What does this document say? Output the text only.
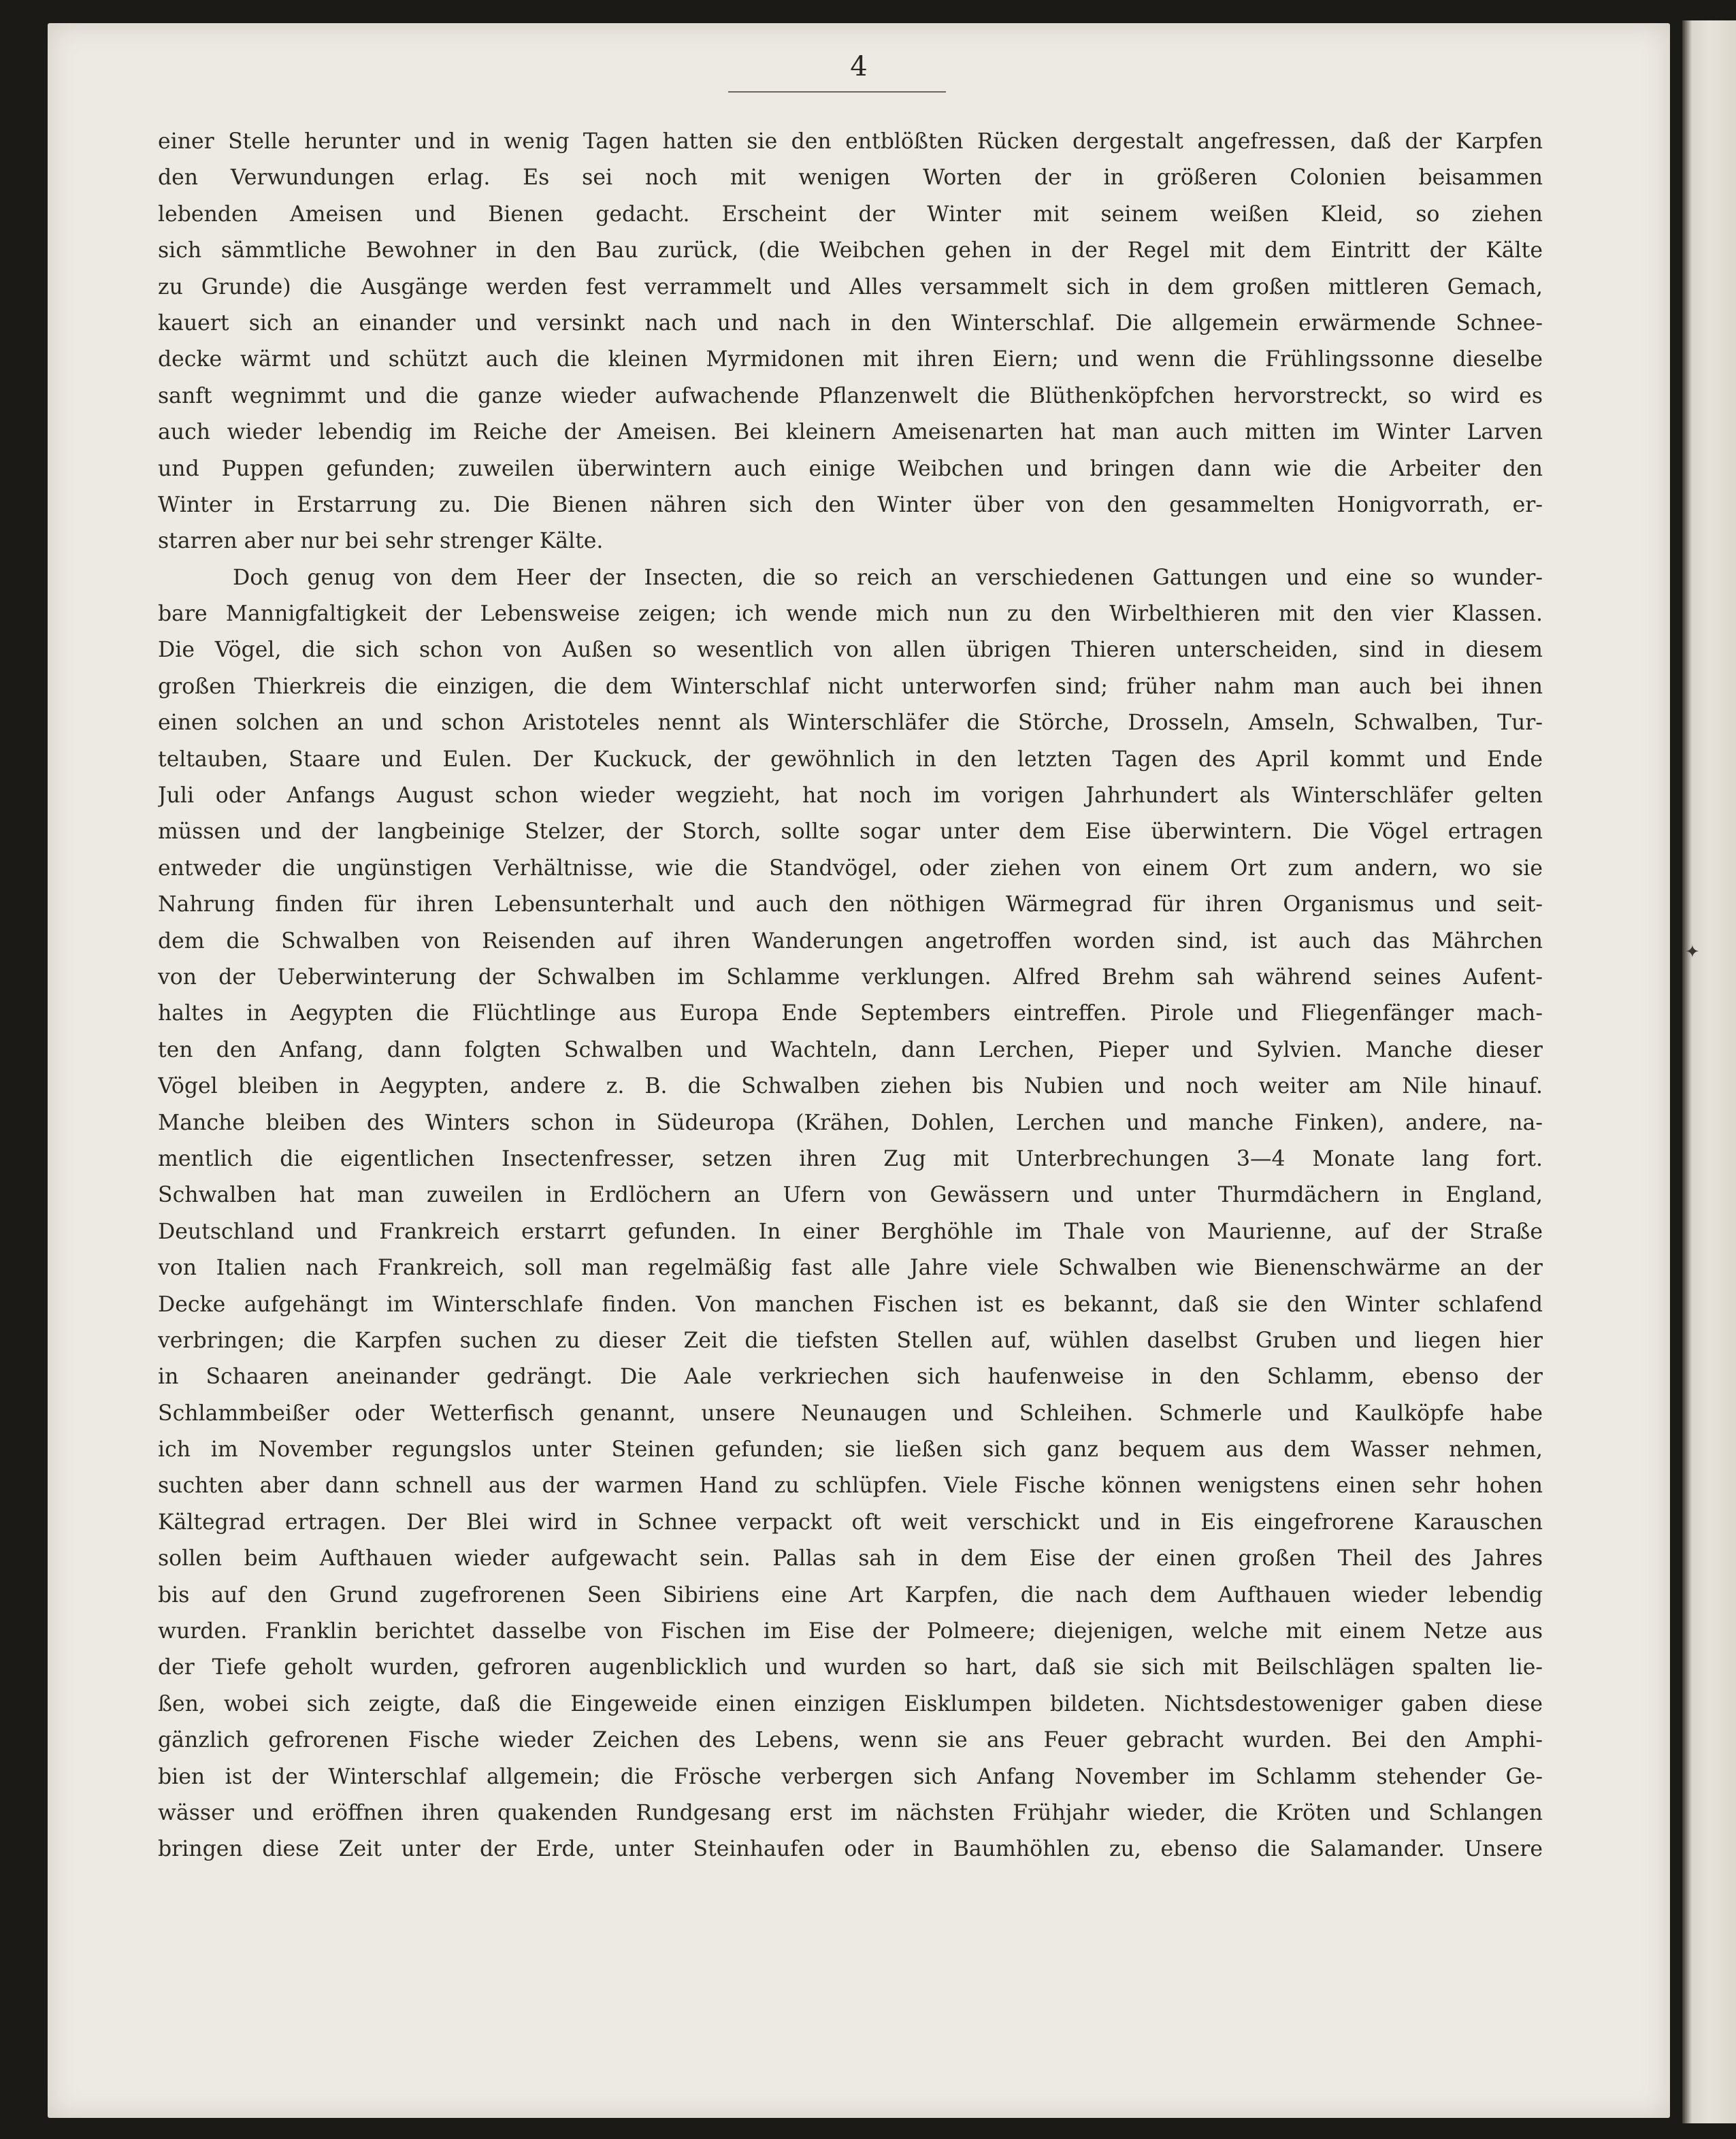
4
einer Stelle herunter und in wenig Tagen hatten sie den entblößten Rücken dergestalt angefressen, daß der Karpfen
den Verwundungen erlag. Es sei noch mit wenigen Worten der in größeren Colonien beisammen
lebenden Ameisen und Bienen gedacht. Erscheint der Winter mit seinem weißen Kleid, so ziehen
sich sämmtliche Bewohner in den Bau zurück, (die Weibchen gehen in der Regel mit dem Eintritt der Kälte
zu Grunde) die Ausgänge werden fest verrammelt und Alles versammelt sich in dem großen mittleren Gemach,
kauert sich an einander und versinkt nach und nach in den Winterschlaf. Die allgemein erwärmende Schnee-
decke wärmt und schützt auch die kleinen Myrmidonen mit ihren Eiern; und wenn die Frühlingssonne dieselbe
sanft wegnimmt und die ganze wieder aufwachende Pflanzenwelt die Blüthenköpfchen hervorstreckt, so wird es
auch wieder lebendig im Reiche der Ameisen. Bei kleinern Ameisenarten hat man auch mitten im Winter Larven
und Puppen gefunden; zuweilen überwintern auch einige Weibchen und bringen dann wie die Arbeiter den
Winter in Erstarrung zu. Die Bienen nähren sich den Winter über von den gesammelten Honigvorrath, er-
starren aber nur bei sehr strenger Kälte.
Doch genug von dem Heer der Insecten, die so reich an verschiedenen Gattungen und eine so wunder-
bare Mannigfaltigkeit der Lebensweise zeigen; ich wende mich nun zu den Wirbelthieren mit den vier Klassen.
Die Vögel, die sich schon von Außen so wesentlich von allen übrigen Thieren unterscheiden, sind in diesem
großen Thierkreis die einzigen, die dem Winterschlaf nicht unterworfen sind; früher nahm man auch bei ihnen
einen solchen an und schon Aristoteles nennt als Winterschläfer die Störche, Drosseln, Amseln, Schwalben, Tur-
teltauben, Staare und Eulen. Der Kuckuck, der gewöhnlich in den letzten Tagen des April kommt und Ende
Juli oder Anfangs August schon wieder wegzieht, hat noch im vorigen Jahrhundert als Winterschläfer gelten
müssen und der langbeinige Stelzer, der Storch, sollte sogar unter dem Eise überwintern. Die Vögel ertragen
entweder die ungünstigen Verhältnisse, wie die Standvögel, oder ziehen von einem Ort zum andern, wo sie
Nahrung finden für ihren Lebensunterhalt und auch den nöthigen Wärmegrad für ihren Organismus und seit-
dem die Schwalben von Reisenden auf ihren Wanderungen angetroffen worden sind, ist auch das Mährchen
von der Ueberwinterung der Schwalben im Schlamme verklungen. Alfred Brehm sah während seines Aufent-
haltes in Aegypten die Flüchtlinge aus Europa Ende Septembers eintreffen. Pirole und Fliegenfänger mach-
ten den Anfang, dann folgten Schwalben und Wachteln, dann Lerchen, Pieper und Sylvien. Manche dieser
Vögel bleiben in Aegypten, andere z. B. die Schwalben ziehen bis Nubien und noch weiter am Nile hinauf.
Manche bleiben des Winters schon in Südeuropa (Krähen, Dohlen, Lerchen und manche Finken), andere, na-
mentlich die eigentlichen Insectenfresser, setzen ihren Zug mit Unterbrechungen 3—4 Monate lang fort.
Schwalben hat man zuweilen in Erdlöchern an Ufern von Gewässern und unter Thurmdächern in England,
Deutschland und Frankreich erstarrt gefunden. In einer Berghöhle im Thale von Maurienne, auf der Straße
von Italien nach Frankreich, soll man regelmäßig fast alle Jahre viele Schwalben wie Bienenschwärme an der
Decke aufgehängt im Winterschlafe finden. Von manchen Fischen ist es bekannt, daß sie den Winter schlafend
verbringen; die Karpfen suchen zu dieser Zeit die tiefsten Stellen auf, wühlen daselbst Gruben und liegen hier
in Schaaren aneinander gedrängt. Die Aale verkriechen sich haufenweise in den Schlamm, ebenso der
Schlammbeißer oder Wetterfisch genannt, unsere Neunaugen und Schleihen. Schmerle und Kaulköpfe habe
ich im November regungslos unter Steinen gefunden; sie ließen sich ganz bequem aus dem Wasser nehmen,
suchten aber dann schnell aus der warmen Hand zu schlüpfen. Viele Fische können wenigstens einen sehr hohen
Kältegrad ertragen. Der Blei wird in Schnee verpackt oft weit verschickt und in Eis eingefrorene Karauschen
sollen beim Aufthauen wieder aufgewacht sein. Pallas sah in dem Eise der einen großen Theil des Jahres
bis auf den Grund zugefrorenen Seen Sibiriens eine Art Karpfen, die nach dem Aufthauen wieder lebendig
wurden. Franklin berichtet dasselbe von Fischen im Eise der Polmeere; diejenigen, welche mit einem Netze aus
der Tiefe geholt wurden, gefroren augenblicklich und wurden so hart, daß sie sich mit Beilschlägen spalten lie-
ßen, wobei sich zeigte, daß die Eingeweide einen einzigen Eisklumpen bildeten. Nichtsdestoweniger gaben diese
gänzlich gefrorenen Fische wieder Zeichen des Lebens, wenn sie ans Feuer gebracht wurden. Bei den Amphi-
bien ist der Winterschlaf allgemein; die Frösche verbergen sich Anfang November im Schlamm stehender Ge-
wässer und eröffnen ihren quakenden Rundgesang erst im nächsten Frühjahr wieder, die Kröten und Schlangen
bringen diese Zeit unter der Erde, unter Steinhaufen oder in Baumhöhlen zu, ebenso die Salamander. Unsere
✦
